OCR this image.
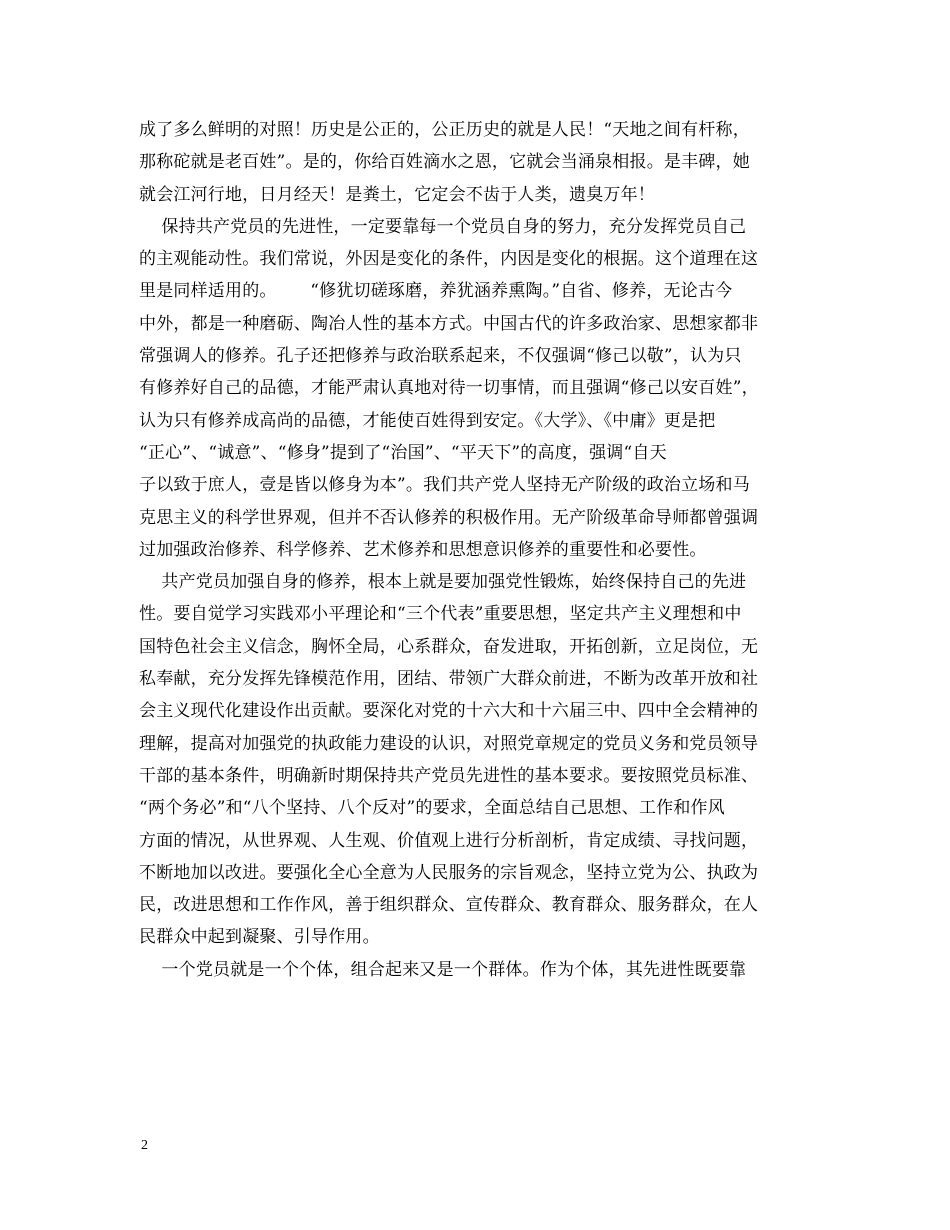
成了多么鲜明的对照！历史是公正的，公正历史的就是人民！“天地之间有杆称，
那称砣就是老百姓”。是的，你给百姓滴水之恩，它就会当涌泉相报。是丰碑，她
就会江河行地，日月经天！是粪土，它定会不齿于人类，遗臭万年！
保持共产党员的先进性，一定要靠每一个党员自身的努力，充分发挥党员自己
的主观能动性。我们常说，外因是变化的条件，内因是变化的根据。这个道理在这
里是同样适用的。      “修犹切磋琢磨，养犹涵养熏陶。”自省、修养，无论古今
中外，都是一种磨砺、陶冶人性的基本方式。中国古代的许多政治家、思想家都非
常强调人的修养。孔子还把修养与政治联系起来，不仅强调“修己以敬”，认为只
有修养好自己的品德，才能严肃认真地对待一切事情，而且强调“修己以安百姓”，
认为只有修养成高尚的品德，才能使百姓得到安定。《大学》、《中庸》更是把
“正心”、“诚意”、“修身”提到了“治国”、“平天下”的高度，强调“自天
子以致于庶人，壹是皆以修身为本”。我们共产党人坚持无产阶级的政治立场和马
克思主义的科学世界观，但并不否认修养的积极作用。无产阶级革命导师都曾强调
过加强政治修养、科学修养、艺术修养和思想意识修养的重要性和必要性。
共产党员加强自身的修养，根本上就是要加强党性锻炼，始终保持自己的先进
性。要自觉学习实践邓小平理论和“三个代表”重要思想，坚定共产主义理想和中
国特色社会主义信念，胸怀全局，心系群众，奋发进取，开拓创新，立足岗位，无
私奉献，充分发挥先锋模范作用，团结、带领广大群众前进，不断为改革开放和社
会主义现代化建设作出贡献。要深化对党的十六大和十六届三中、四中全会精神的
理解，提高对加强党的执政能力建设的认识，对照党章规定的党员义务和党员领导
干部的基本条件，明确新时期保持共产党员先进性的基本要求。要按照党员标准、
“两个务必”和“八个坚持、八个反对”的要求，全面总结自己思想、工作和作风
方面的情况，从世界观、人生观、价值观上进行分析剖析，肯定成绩、寻找问题，
不断地加以改进。要强化全心全意为人民服务的宗旨观念，坚持立党为公、执政为
民，改进思想和工作作风，善于组织群众、宣传群众、教育群众、服务群众，在人
民群众中起到凝聚、引导作用。
一个党员就是一个个体，组合起来又是一个群体。作为个体，其先进性既要靠
2
